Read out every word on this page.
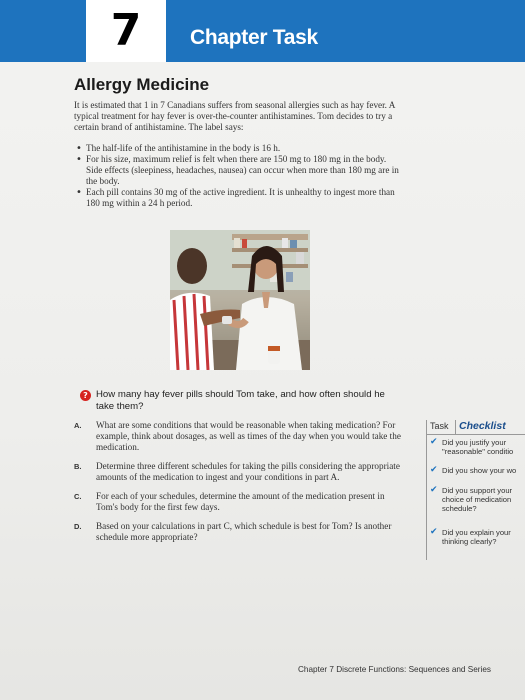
7 Chapter Task
Allergy Medicine
It is estimated that 1 in 7 Canadians suffers from seasonal allergies such as hay fever. A typical treatment for hay fever is over-the-counter antihistamines. Tom decides to try a certain brand of antihistamine. The label says:
• The half-life of the antihistamine in the body is 16 h.
• For his size, maximum relief is felt when there are 150 mg to 180 mg in the body. Side effects (sleepiness, headaches, nausea) can occur when more than 180 mg are in the body.
• Each pill contains 30 mg of the active ingredient. It is unhealthy to ingest more than 180 mg within a 24 h period.
? How many hay fever pills should Tom take, and how often should he take them?
A. What are some conditions that would be reasonable when taking medication? For example, think about dosages, as well as times of the day when you would take the medication.
B. Determine three different schedules for taking the pills considering the appropriate amounts of the medication to ingest and your conditions in part A.
C. For each of your schedules, determine the amount of the medication present in Tom's body for the first few days.
D. Based on your calculations in part C, which schedule is best for Tom? Is another schedule more appropriate?
Task Checklist
✔ Did you justify your "reasonable" conditio
✔ Did you show your wo
✔ Did you support your choice of medication schedule?
✔ Did you explain your thinking clearly?
Chapter 7 Discrete Functions: Sequences and Series
